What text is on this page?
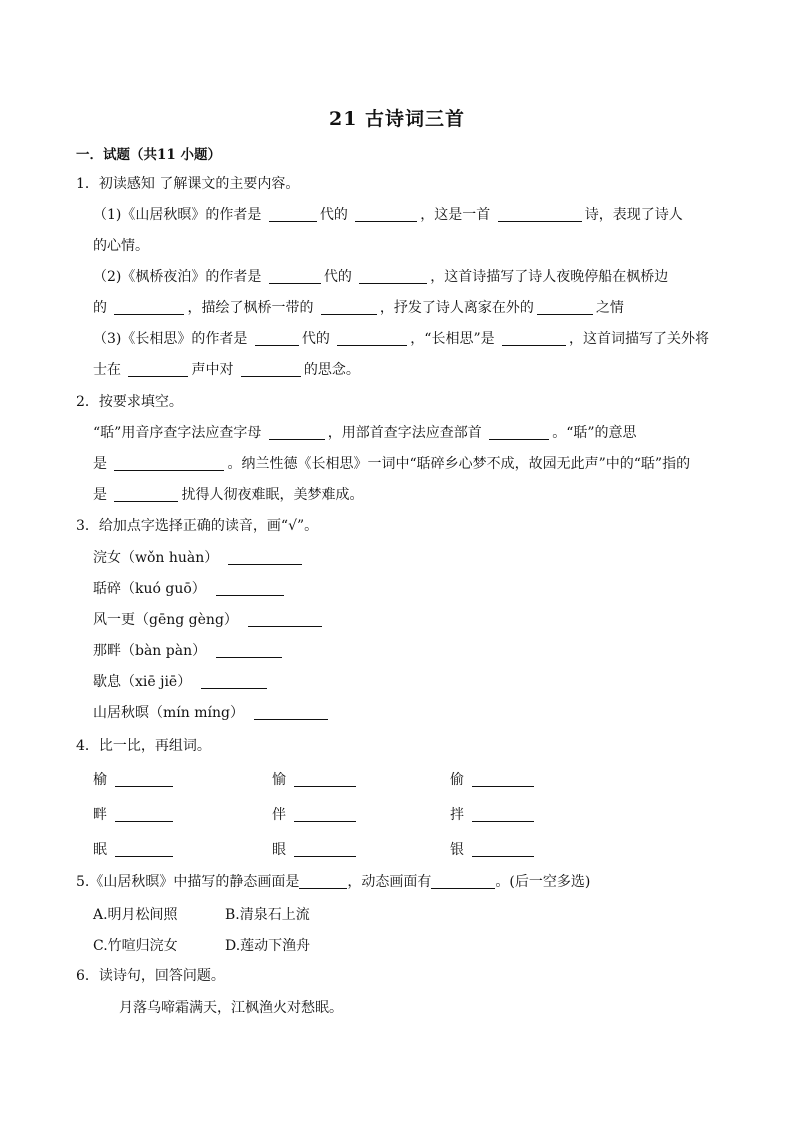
21 古诗词三首
一．试题（共11 小题）
1．初读感知 了解课文的主要内容。
（1)《山居秋暝》的作者是	代的	，这是一首	诗，表现了诗人
的心情。
（2)《枫桥夜泊》的作者是	代的	，这首诗描写了诗人夜晚停船在枫桥边
的	，描绘了枫桥一带的	，抒发了诗人离家在外的	之情
（3)《长相思》的作者是	代的	，“长相思”是	，这首词描写了关外将
士在	声中对	的思念。
2．按要求填空。
“聒”用音序查字法应查字母	，用部首查字法应查部首	。“聒”的意思
是	。纳兰性德《长相思》一词中“聒碎乡心梦不成，故园无此声”中的“聒”指的
是	扰得人彻夜难眠，美梦难成。
3．给加点字选择正确的读音，画“√”。
浣女（wǒn huàn）
聒碎（kuó guō）
风一更（gēng gèng）
那畔（bàn pàn）
歇息（xiē jiē）
山居秋暝（mín míng）
4．比一比，再组词。
榆	愉	偷
畔	伴	拌
眠	眼	银
5.《山居秋暝》中描写的静态画面是	，动态画面有	。(后一空多选)
A.明月松间照	B.清泉石上流
C.竹喧归浣女	D.莲动下渔舟
6．读诗句，回答问题。
月落乌啼霜满天，江枫渔火对愁眠。
